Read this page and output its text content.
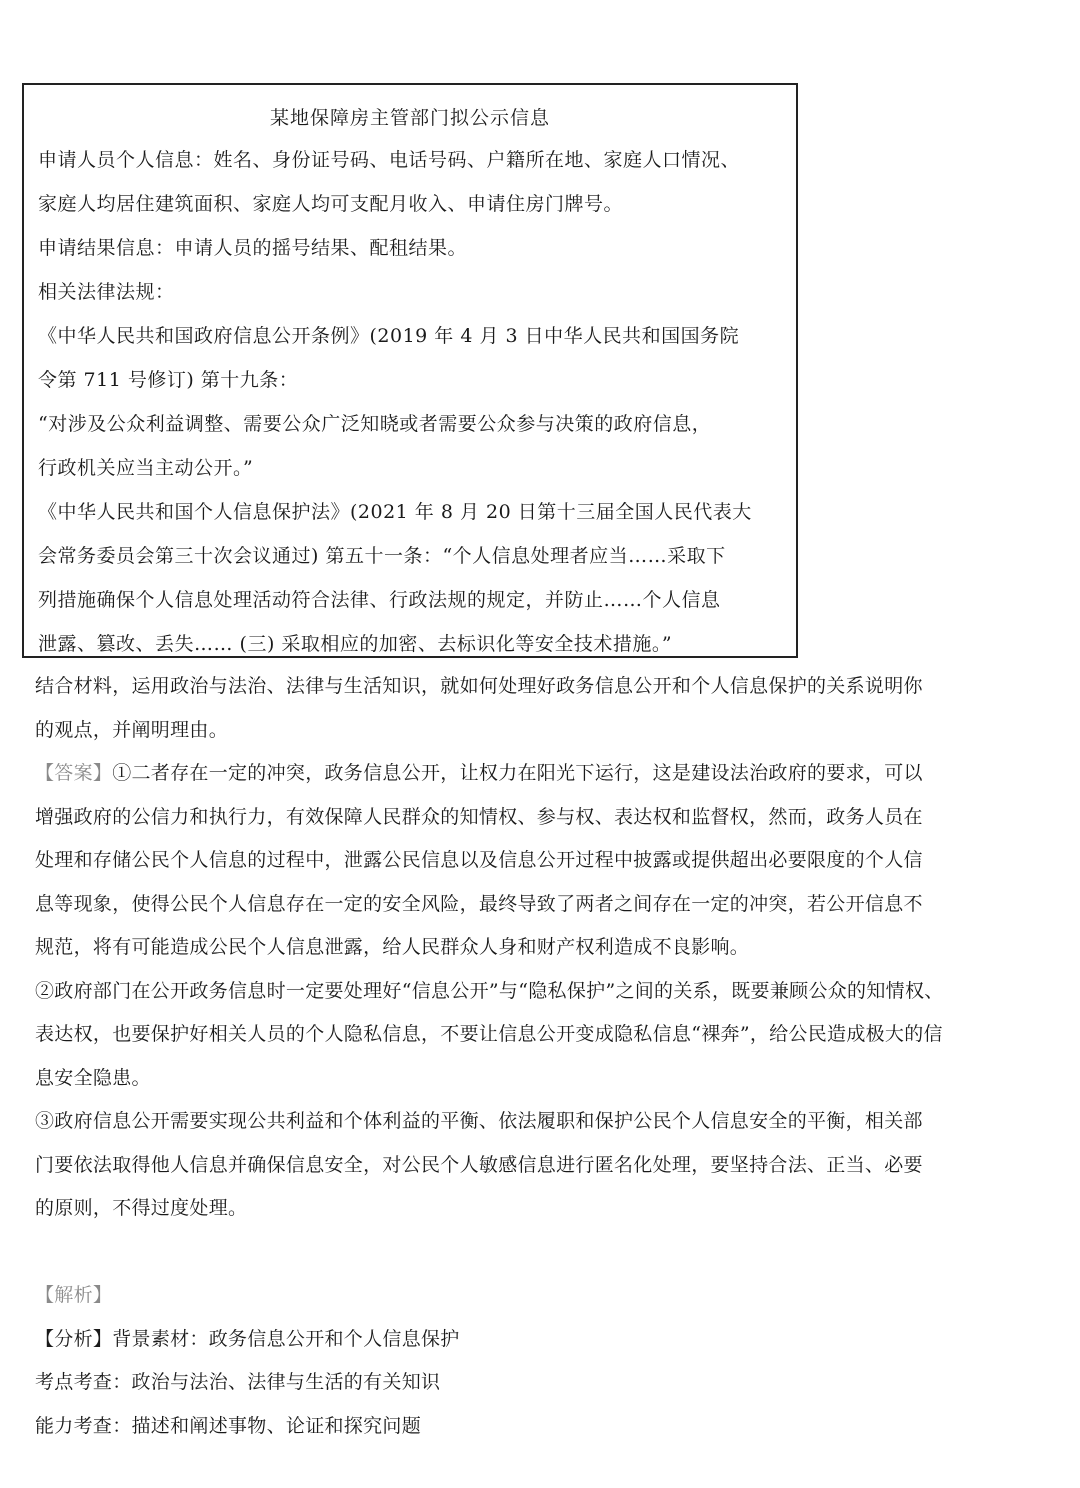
某地保障房主管部门拟公示信息
申请人员个人信息：姓名、身份证号码、电话号码、户籍所在地、家庭人口情况、
家庭人均居住建筑面积、家庭人均可支配月收入、申请住房门牌号。
申请结果信息：申请人员的摇号结果、配租结果。
相关法律法规：
《中华人民共和国政府信息公开条例》(2019 年 4 月 3 日中华人民共和国国务院
令第 711 号修订) 第十九条：
“对涉及公众利益调整、需要公众广泛知晓或者需要公众参与决策的政府信息，
行政机关应当主动公开。”
《中华人民共和国个人信息保护法》(2021 年 8 月 20 日第十三届全国人民代表大
会常务委员会第三十次会议通过) 第五十一条：“个人信息处理者应当……采取下
列措施确保个人信息处理活动符合法律、行政法规的规定，并防止……个人信息
泄露、篡改、丢失…… (三) 采取相应的加密、去标识化等安全技术措施。”
结合材料，运用政治与法治、法律与生活知识，就如何处理好政务信息公开和个人信息保护的关系说明你
的观点，并阐明理由。
【答案】①二者存在一定的冲突，政务信息公开，让权力在阳光下运行，这是建设法治政府的要求，可以
增强政府的公信力和执行力，有效保障人民群众的知情权、参与权、表达权和监督权，然而，政务人员在
处理和存储公民个人信息的过程中，泄露公民信息以及信息公开过程中披露或提供超出必要限度的个人信
息等现象，使得公民个人信息存在一定的安全风险，最终导致了两者之间存在一定的冲突，若公开信息不
规范，将有可能造成公民个人信息泄露，给人民群众人身和财产权利造成不良影响。
②政府部门在公开政务信息时一定要处理好“信息公开”与“隐私保护”之间的关系，既要兼顾公众的知情权、
表达权，也要保护好相关人员的个人隐私信息，不要让信息公开变成隐私信息“裸奔”，给公民造成极大的信
息安全隐患。
③政府信息公开需要实现公共利益和个体利益的平衡、依法履职和保护公民个人信息安全的平衡，相关部
门要依法取得他人信息并确保信息安全，对公民个人敏感信息进行匿名化处理，要坚持合法、正当、必要
的原则，不得过度处理。
【解析】
【分析】背景素材：政务信息公开和个人信息保护
考点考查：政治与法治、法律与生活的有关知识
能力考查：描述和阐述事物、论证和探究问题
